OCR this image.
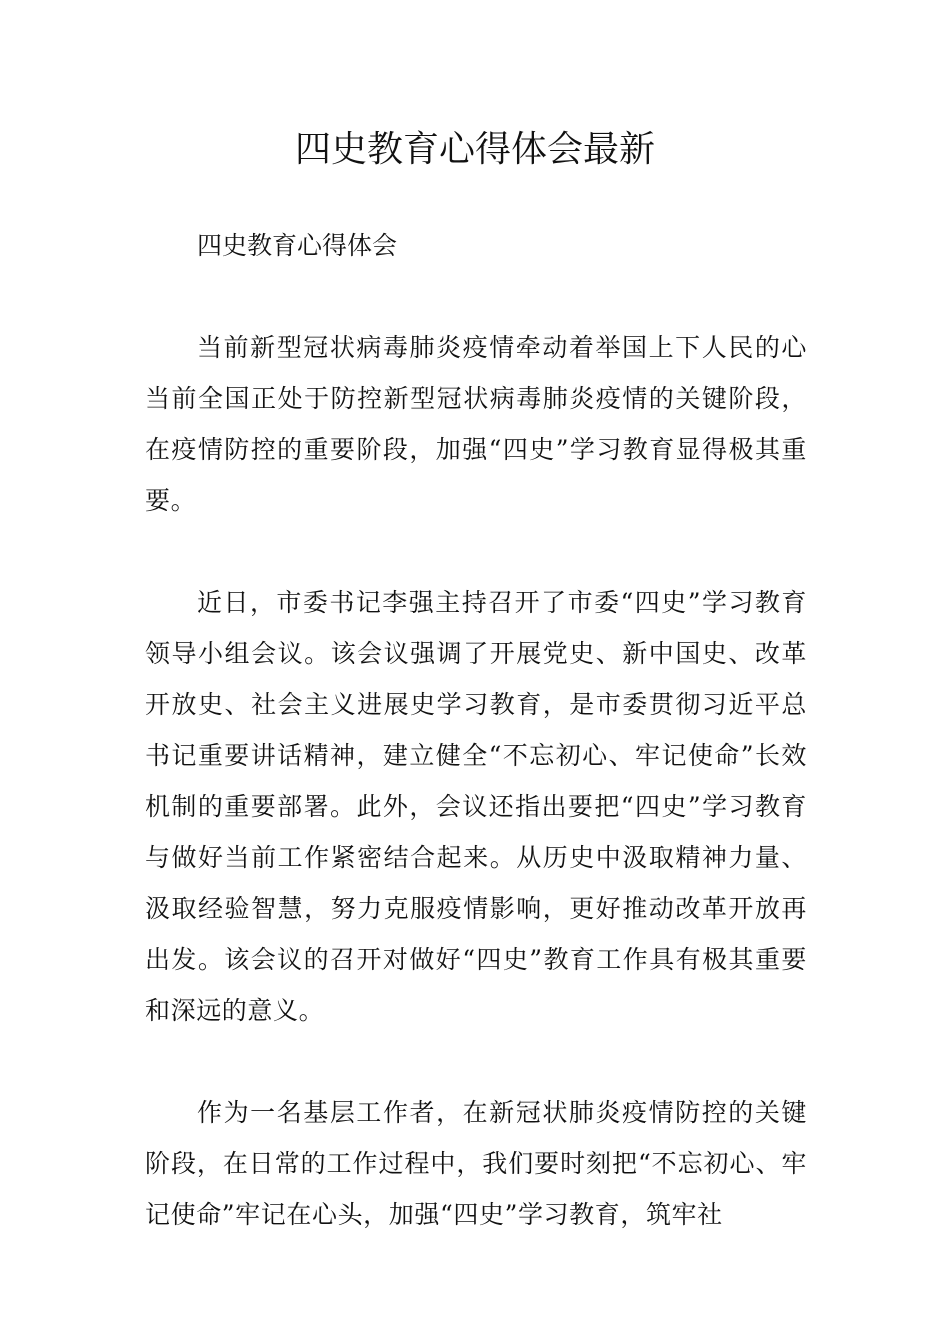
四史教育心得体会最新

四史教育心得体会

当前新型冠状病毒肺炎疫情牵动着举国上下人民的心当前全国正处于防控新型冠状病毒肺炎疫情的关键阶段，在疫情防控的重要阶段，加强“四史”学习教育显得极其重要。

近日，市委书记李强主持召开了市委“四史”学习教育领导小组会议。该会议强调了开展党史、新中国史、改革开放史、社会主义进展史学习教育，是市委贯彻习近平总书记重要讲话精神，建立健全“不忘初心、牢记使命”长效机制的重要部署。此外，会议还指出要把“四史”学习教育与做好当前工作紧密结合起来。从历史中汲取精神力量、汲取经验智慧，努力克服疫情影响，更好推动改革开放再出发。该会议的召开对做好“四史”教育工作具有极其重要和深远的意义。

作为一名基层工作者，在新冠状肺炎疫情防控的关键阶段，在日常的工作过程中，我们要时刻把“不忘初心、牢记使命”牢记在心头，加强“四史”学习教育，筑牢社
